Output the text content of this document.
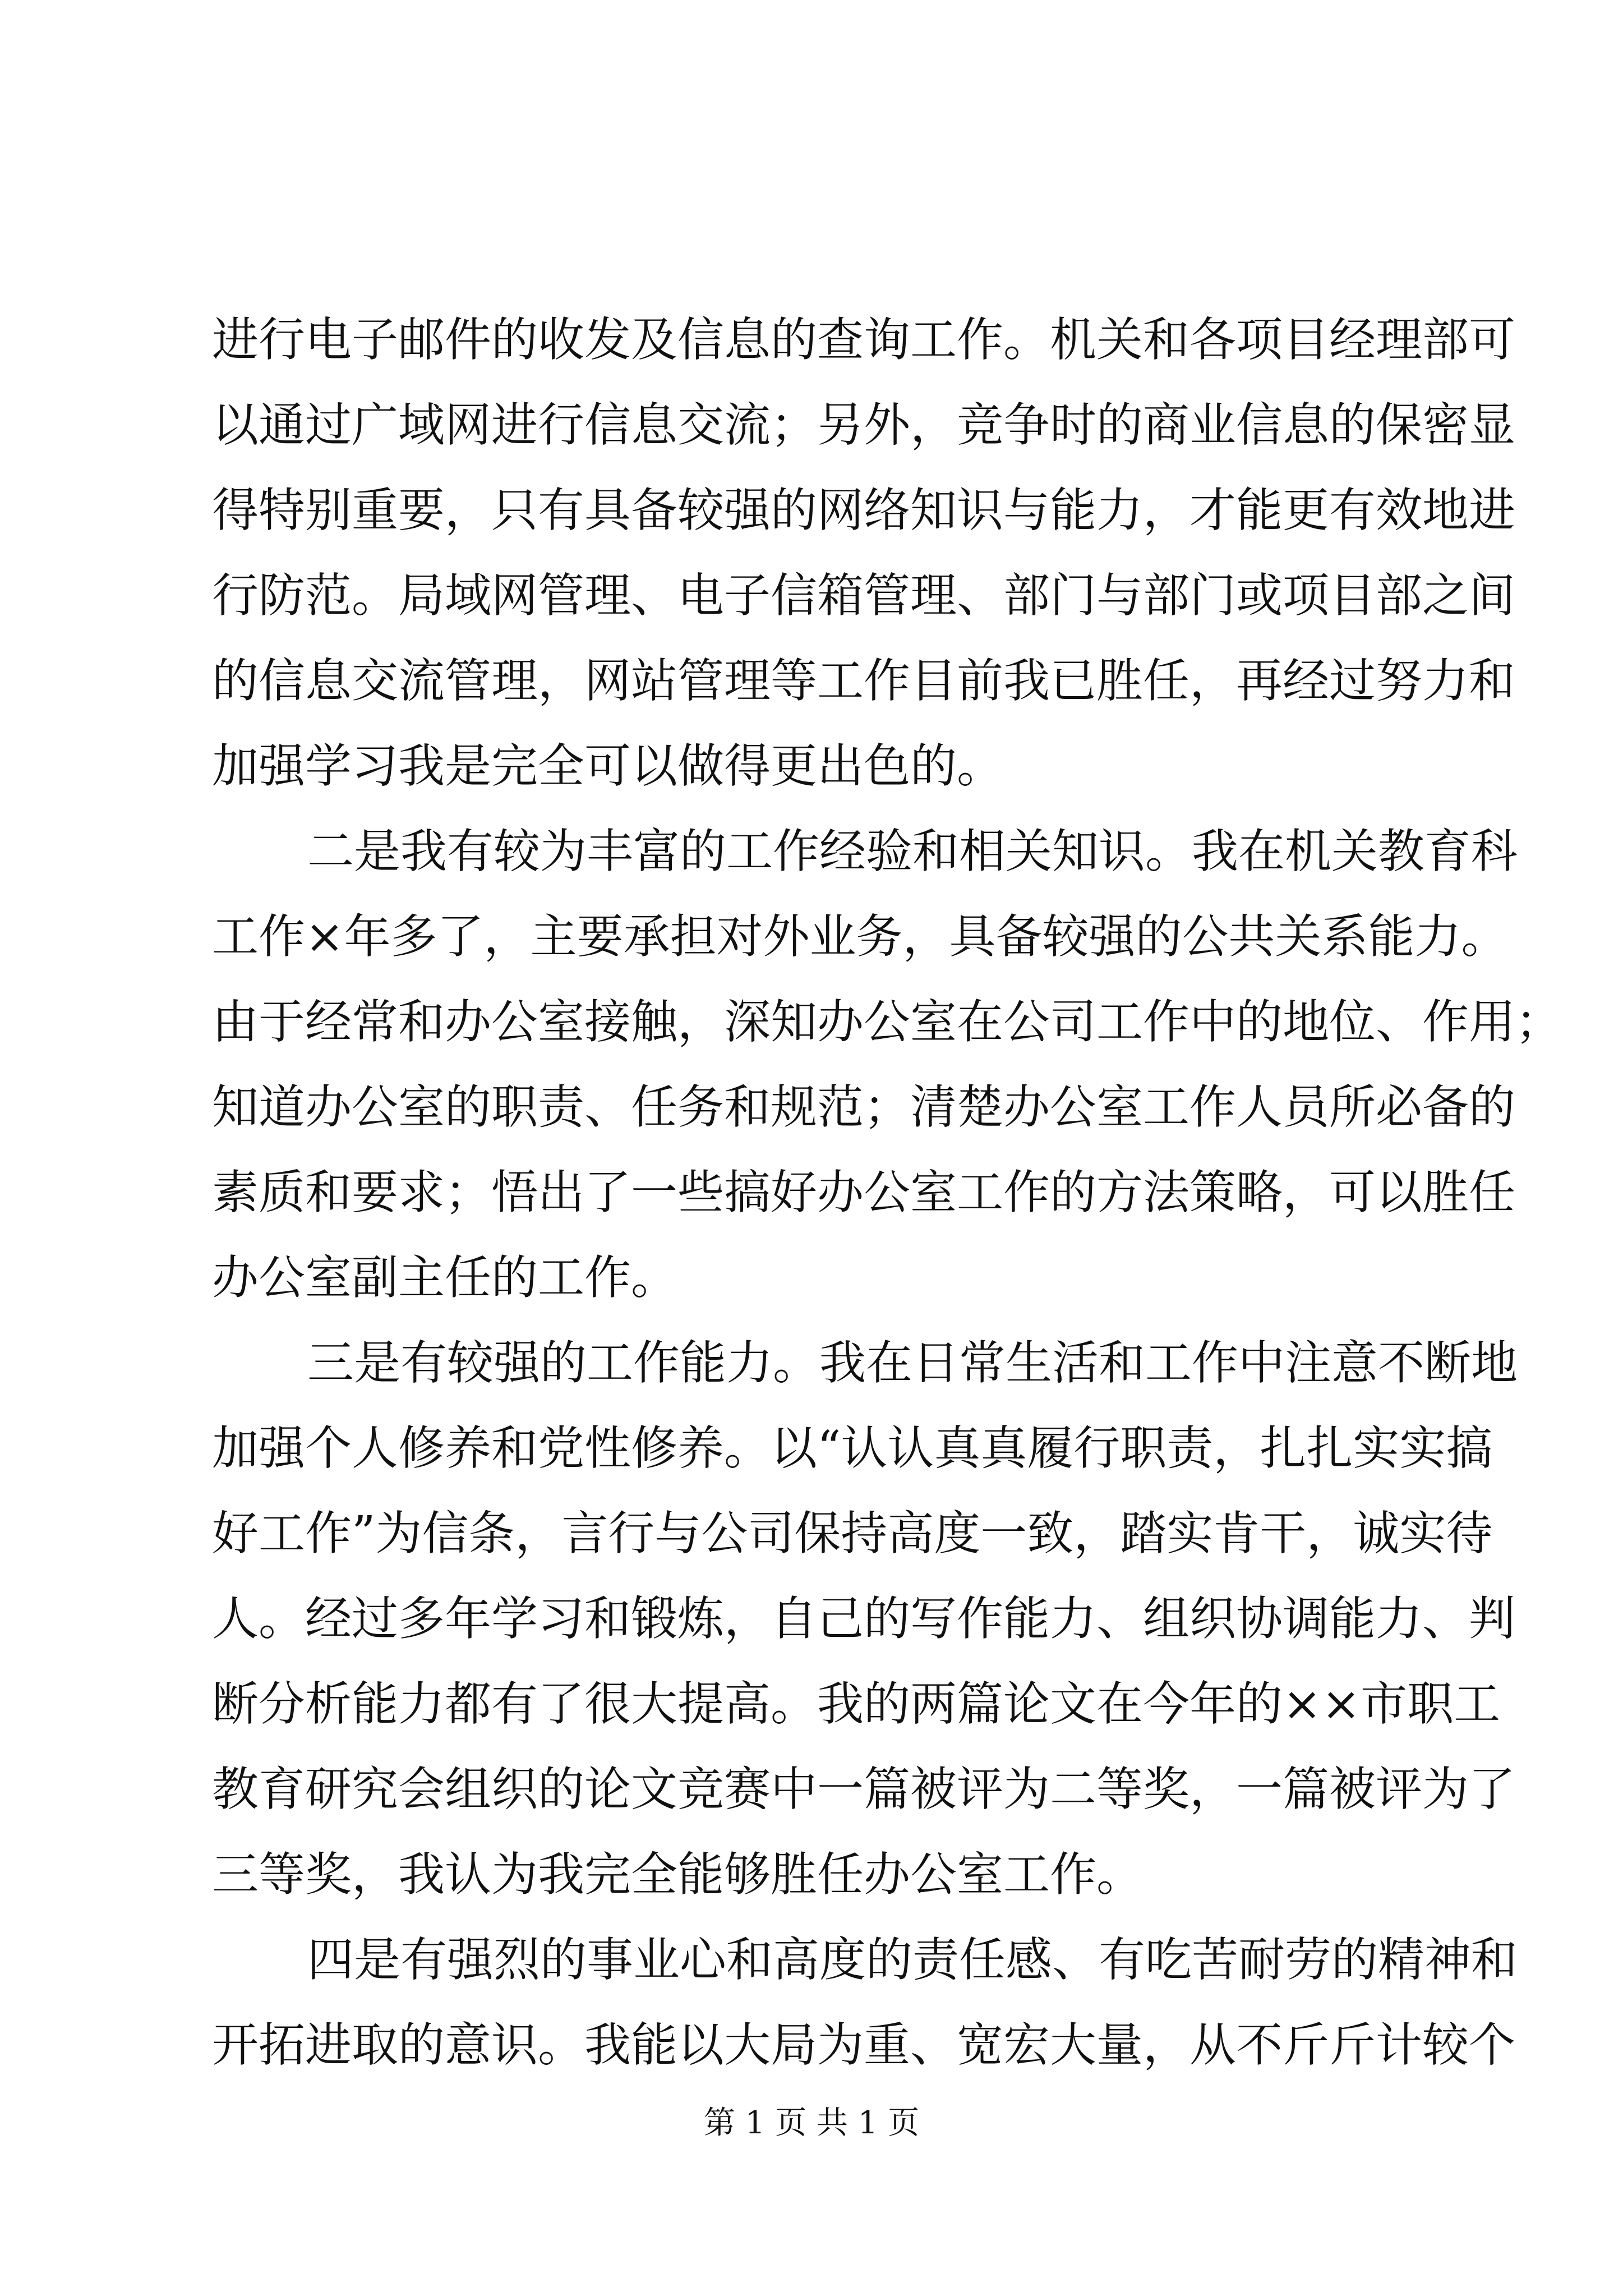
进行电子邮件的收发及信息的查询工作。机关和各项目经理部可
以通过广域网进行信息交流；另外，竞争时的商业信息的保密显
得特别重要，只有具备较强的网络知识与能力，才能更有效地进
行防范。局域网管理、电子信箱管理、部门与部门或项目部之间
的信息交流管理，网站管理等工作目前我已胜任，再经过努力和
加强学习我是完全可以做得更出色的。
二是我有较为丰富的工作经验和相关知识。我在机关教育科
工作×年多了，主要承担对外业务，具备较强的公共关系能力。
由于经常和办公室接触，深知办公室在公司工作中的地位、作用；
知道办公室的职责、任务和规范；清楚办公室工作人员所必备的
素质和要求；悟出了一些搞好办公室工作的方法策略，可以胜任
办公室副主任的工作。
三是有较强的工作能力。我在日常生活和工作中注意不断地
加强个人修养和党性修养。以“认认真真履行职责，扎扎实实搞
好工作”为信条，言行与公司保持高度一致，踏实肯干，诚实待
人。经过多年学习和锻炼，自己的写作能力、组织协调能力、判
断分析能力都有了很大提高。我的两篇论文在今年的××市职工
教育研究会组织的论文竞赛中一篇被评为二等奖，一篇被评为了
三等奖，我认为我完全能够胜任办公室工作。
四是有强烈的事业心和高度的责任感、有吃苦耐劳的精神和
开拓进取的意识。我能以大局为重、宽宏大量，从不斤斤计较个
第 1 页 共 1 页
